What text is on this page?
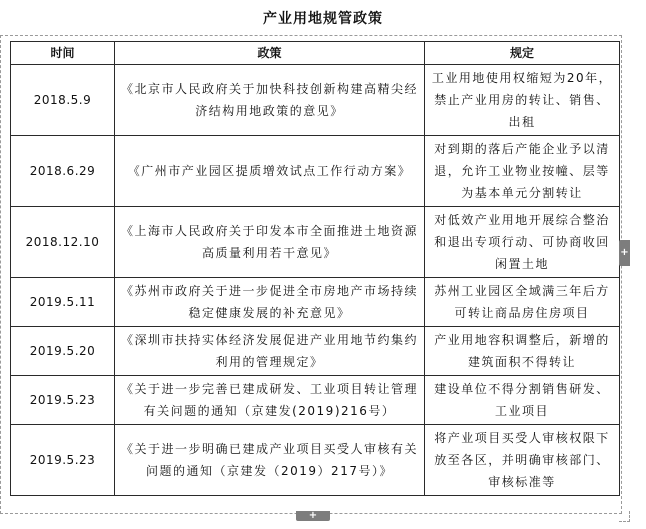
产业用地规管政策
时间	政策	规定
2018.5.9	《北京市人民政府关于加快科技创新构建高精尖经济结构用地政策的意见》	工业用地使用权缩短为20年，禁止产业用房的转让、销售、出租
2018.6.29	《广州市产业园区提质增效试点工作行动方案》	对到期的落后产能企业予以清退，允许工业物业按幢、层等为基本单元分割转让
2018.12.10	《上海市人民政府关于印发本市全面推进土地资源高质量利用若干意见》	对低效产业用地开展综合整治和退出专项行动、可协商收回闲置土地
2019.5.11	《苏州市政府关于进一步促进全市房地产市场持续稳定健康发展的补充意见》	苏州工业园区全域满三年后方可转让商品房住房项目
2019.5.20	《深圳市扶持实体经济发展促进产业用地节约集约利用的管理规定》	产业用地容积调整后，新增的建筑面积不得转让
2019.5.23	《关于进一步完善已建成研发、工业项目转让管理有关问题的通知（京建发(2019)216号）	建设单位不得分割销售研发、工业项目
2019.5.23	《关于进一步明确已建成产业项目买受人审核有关问题的通知（京建发（2019）217号）》	将产业项目买受人审核权限下放至各区，并明确审核部门、审核标准等
+
+
